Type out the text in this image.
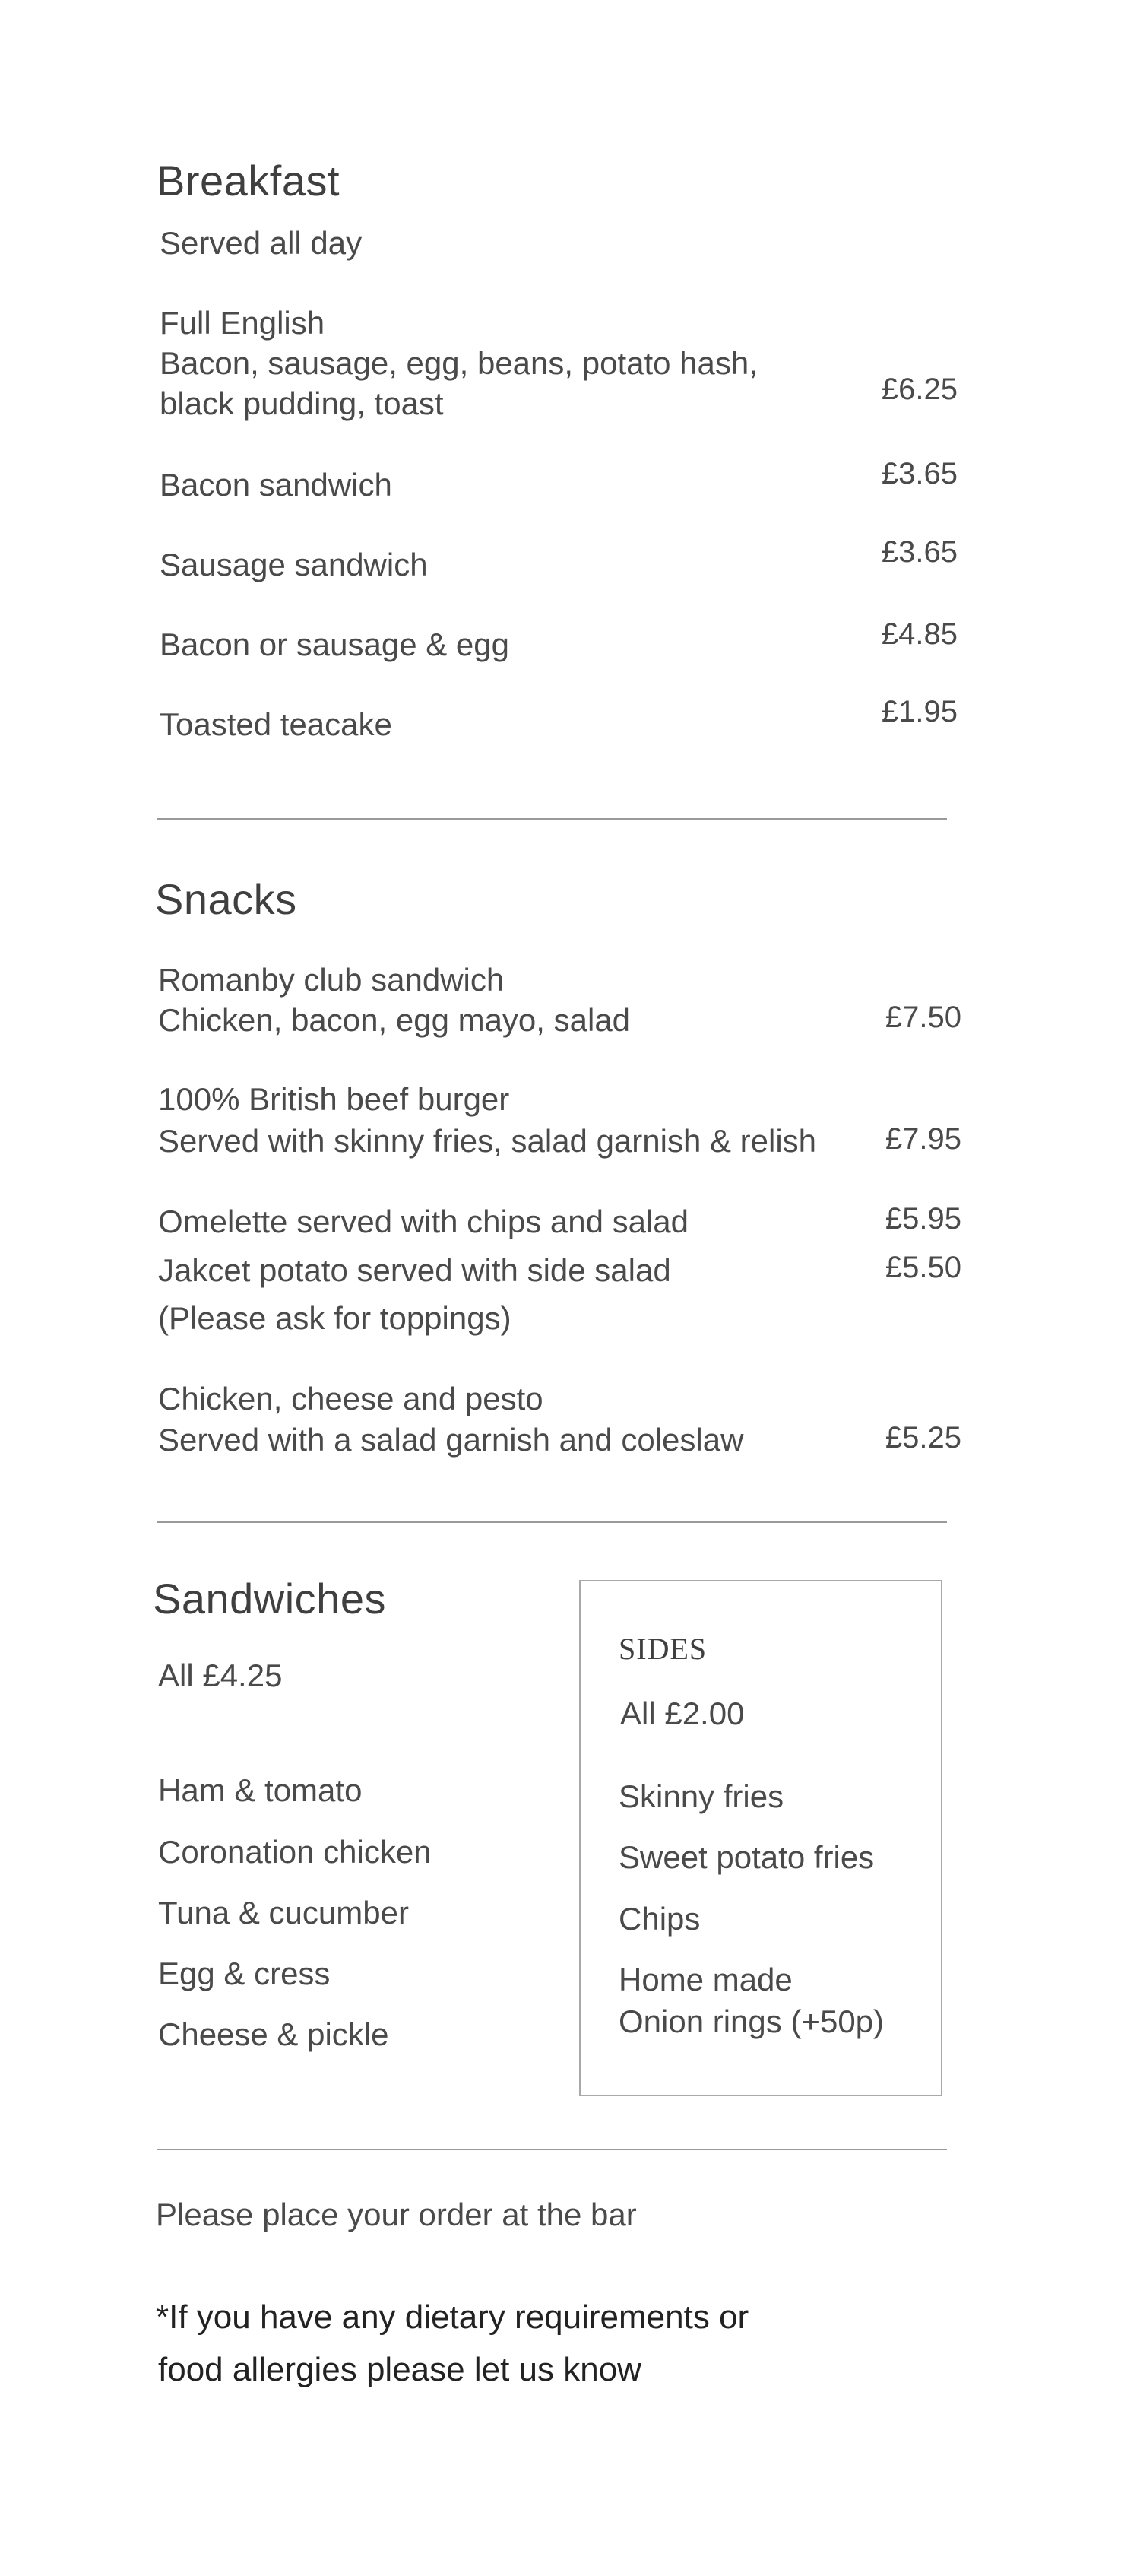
Breakfast
Served all day
Full English
Bacon, sausage, egg, beans, potato hash,
black pudding, toast	£6.25
Bacon sandwich	£3.65
Sausage sandwich	£3.65
Bacon or sausage & egg	£4.85
Toasted teacake	£1.95
Snacks
Romanby club sandwich
Chicken, bacon, egg mayo, salad	£7.50
100% British beef burger
Served with skinny fries, salad garnish & relish	£7.95
Omelette served with chips and salad	£5.95
Jakcet potato served with side salad	£5.50
(Please ask for toppings)
Chicken, cheese and pesto
Served with a salad garnish and coleslaw	£5.25
Sandwiches
All £4.25
Ham & tomato
Coronation chicken
Tuna & cucumber
Egg & cress
Cheese & pickle
SIDES
All £2.00
Skinny fries
Sweet potato fries
Chips
Home made
Onion rings (+50p)
Please place your order at the bar
*If you have any dietary requirements or
food allergies please let us know
